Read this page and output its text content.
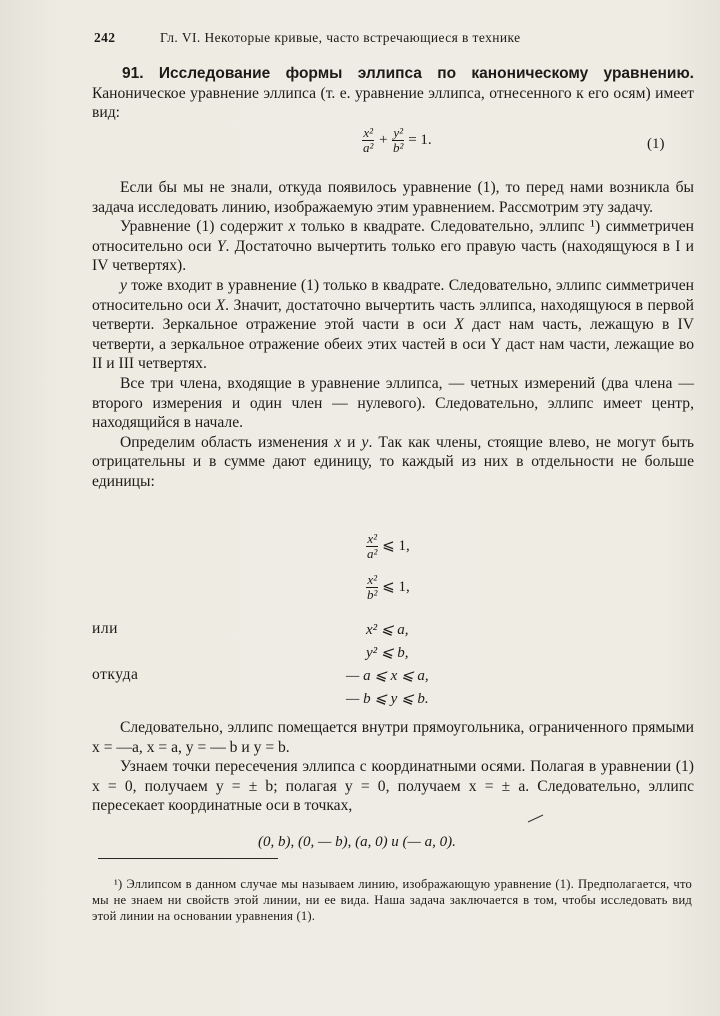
242	Гл. VI. Некоторые кривые, часто встречающиеся в технике

91. Исследование формы эллипса по каноническому уравнению. Каноническое уравнение эллипса (т. е. уравнение эллипса, отнесенного к его осям) имеет вид:

$\frac{\text{x²}}{\text{a²}} + \frac{\text{y²}}{\text{b²}} = 1$.	(1)

Если бы мы не знали, откуда появилось уравнение (1), то перед нами возникла бы задача исследовать линию, изображаемую этим уравнением. Рассмотрим эту задачу.

Уравнение (1) содержит x только в квадрате. Следовательно, эллипс ¹) симметричен относительно оси Y. Достаточно вычертить только его правую часть (находящуюся в I и IV четвертях).

y тоже входит в уравнение (1) только в квадрате. Следовательно, эллипс симметричен относительно оси X. Значит, достаточно вычертить часть эллипса, находящуюся в первой четверти. Зеркальное отражение этой части в оси X даст нам часть, лежащую в IV четверти, а зеркальное отражение обеих этих частей в оси Y даст нам части, лежащие во II и III четвертях.

Все три члена, входящие в уравнение эллипса, — четных измерений (два члена — второго измерения и один член — нулевого). Следовательно, эллипс имеет центр, находящийся в начале.

Определим область изменения x и y. Так как члены, стоящие влево, не могут быть отрицательны и в сумме дают единицу, то каждый из них в отдельности не больше единицы:

$\frac{\text{x²}}{\text{a²}}$ ⩽ 1,
$\frac{\text{x²}}{\text{b²}}$ ⩽ 1,
или	x² ⩽ a,
y² ⩽ b,
откуда	— a ⩽ x ⩽ a,
— b ⩽ y ⩽ b.

Следовательно, эллипс помещается внутри прямоугольника, ограниченного прямыми x = —a, x = a, y = — b и y = b.

Узнаем точки пересечения эллипса с координатными осями. Полагая в уравнении (1) x = 0, получаем y = ± b; полагая y = 0, получаем x = ± a. Следовательно, эллипс пересекает координатные оси в точках,

(0, b), (0, — b), (a, 0) и (— a, 0).

¹) Эллипсом в данном случае мы называем линию, изображающую уравнение (1). Предполагается, что мы не знаем ни свойств этой линии, ни ее вида. Наша задача заключается в том, чтобы исследовать вид этой линии на основании уравнения (1).
